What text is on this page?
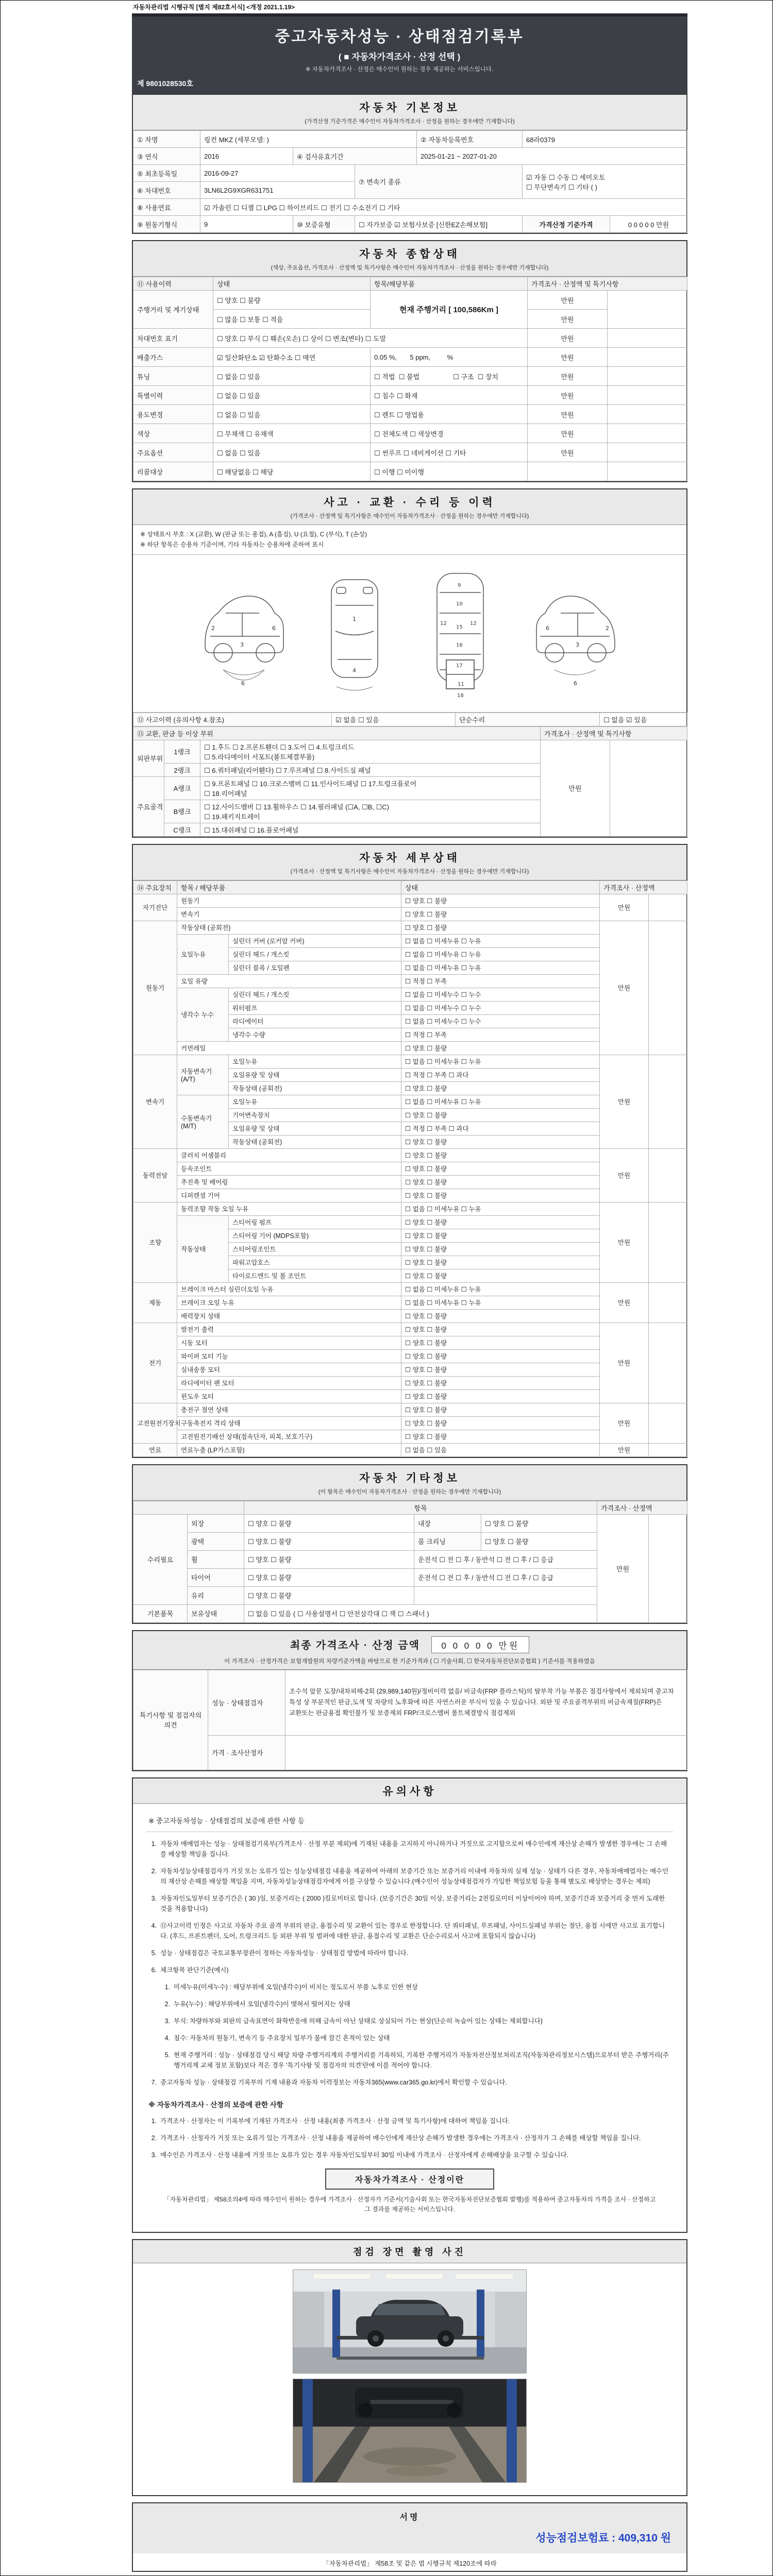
자동차관리법 시행규칙 [별지 제82호서식] <개정 2021.1.19>
중고자동차성능 · 상태점검기록부
( ■ 자동차가격조사 · 산정 선택 )
※ 자동차가격조사 · 산정은 매수인이 원하는 경우 제공하는 서비스입니다.
제 9801028530호
자동차 기본정보
(가격산정 기준가격은 매수인이 자동차가격조사 · 산정을 원하는 경우에만 기재합니다)
① 차명	링컨 MKZ (세부모델: )			② 자동차등록번호	68라0379	
③ 연식	2016	④ 검사유효기간		2025-01-21 ~ 2027-01-20		
⑤ 최초등록일	2016-09-27		⑦ 변속기 종류		☑ 자동 ☐ 수동 ☐ 세미오토
☐ 무단변속기 ☐ 기타 ( )	

⑥ 차대번호	3LN6L2G9XGR631751					
⑧ 사용연료	☑ 가솔린 ☐ 디젤 ☐ LPG ☐ 하이브리드 ☐ 전기 ☐ 수소전기 ☐ 기타					
⑨ 원동기형식	9	⑩ 보증유형	☐ 자가보증 ☑ 보험사보증 [신한EZ손해보험]		가격산정 기준가격	0 0 0 0 0 만원
자동차 종합상태
(색상, 주요옵션, 가격조사 · 산정액 및 특기사항은 매수인이 자동차가격조사 · 산정을 원하는 경우에만 기재합니다)
⑪ 사용이력	상태	항목/해당부품	가격조사 · 산정액 및 특기사항	
주행거리 및 계기상태	☐ 양호 ☐ 불량	현재 주행거리 [ 100,586Km ]	만원	
	☐ 많음 ☐ 보통 ☐ 적음		만원	
차대번호 표기	☐ 양호 ☐ 부식 ☐ 훼손(오손) ☐ 상이 ☐ 변조(변타) ☐ 도말		만원	
배출가스	☑ 일산화탄소 ☑ 탄화수소 ☐ 매연	0.05 %,       5 ppm,         %	만원	
튜닝	☐ 없음 ☐ 있음	☐ 적법  ☐ 불법                  ☐ 구조  ☐ 장치	만원	
특별이력	☐ 없음 ☐ 있음	☐ 침수 ☐ 화재	만원	
용도변경	☐ 없음 ☐ 있음	☐ 렌트 ☐ 영업용	만원	
색상	☐ 무채색 ☐ 유채색	☐ 전체도색 ☐ 색상변경	만원	
주요옵션	☐ 없음 ☐ 있음	☐ 썬루프 ☐ 네비게이션 ☐ 기타	만원	
리콜대상	☐ 해당없음 ☐ 해당	☐ 이행 ☐ 미이행		
사고 · 교환 · 수리 등 이력
(가격조사 · 산정액 및 특기사항은 매수인이 자동차가격조사 · 산정을 원하는 경우에만 기재합니다)
※ 상태표시 부호 : X (교환), W (판금 또는 용접), A (흠집), U (요철), C (부식), T (손상)
※ 하단 항목은 승용차 기준이며, 기타 자동차는 승용차에 준하여 표시
2
3
6
6
1
4
9
10
12	12
15
16
17
11
18
6
3
2
6
⑫ 사고이력 (유의사항 4.참조)	☑ 없음 ☐ 있음	단순수리	☐ 없음 ☑ 있음
⑬ 교환, 판금 등 이상 부위			가격조사 · 산정액 및 특기사항	
외판부위	1랭크	☐ 1.후드 ☐ 2.프론트휀더 ☐ 3.도어 ☐ 4.트렁크리드
☐ 5.라디에이터 서포트(볼트체결부품)	만원	
	2랭크	☐ 6.쿼터패널(리어휀다) ☐ 7.루프패널 ☐ 8.사이드실 패널		
주요골격	A랭크	☐ 9.프론트패널 ☐ 10.크로스멤버 ☐ 11.인사이드패널 ☐ 17.트렁크플로어
☐ 18.리어패널		

	B랭크	☐ 12.사이드멤버 ☐ 13.휠하우스 ☐ 14.필러패널 (☐A, ☐B, ☐C)
☐ 19.패키지트레이		

	C랭크	☐ 15.대쉬패널 ☐ 16.플로어패널		
자동차 세부상태
(가격조사 · 산정액 및 특기사항은 매수인이 자동차가격조사 · 산정을 원하는 경우에만 기재합니다)
⑭ 주요장치	항목 / 해당부품		상태	가격조사 · 산정액	
자기진단	원동기		☐ 양호 ☐ 불량	만원	
	변속기		☐ 양호 ☐ 불량		
원동기	작동상태 (공회전)		☐ 양호 ☐ 불량	만원	
	오일누유	실린더 커버 (로커암 커버)	☐ 없음 ☐ 미세누유 ☐ 누유		
		실린더 헤드 / 개스킷	☐ 없음 ☐ 미세누유 ☐ 누유		
		실린더 블록 / 오일팬	☐ 없음 ☐ 미세누유 ☐ 누유		
	오일 유량		☐ 적정 ☐ 부족		
	냉각수 누수	실린더 헤드 / 개스킷	☐ 없음 ☐ 미세누수 ☐ 누수		
		워터펌프	☐ 없음 ☐ 미세누수 ☐ 누수		
		라디에이터	☐ 없음 ☐ 미세누수 ☐ 누수		
		냉각수 수량	☐ 적정 ☐ 부족		
	커먼레일		☐ 양호 ☐ 불량		
변속기	자동변속기 (A/T)	오일누유	☐ 없음 ☐ 미세누유 ☐ 누유	만원	
		오일유량 및 상태	☐ 적정 ☐ 부족 ☐ 과다		
		작동상태 (공회전)	☐ 양호 ☐ 불량		
	수동변속기 (M/T)	오일누유	☐ 없음 ☐ 미세누유 ☐ 누유		
		기어변속장치	☐ 양호 ☐ 불량		
		오일유량 및 상태	☐ 적정 ☐ 부족 ☐ 과다		
		작동상태 (공회전)	☐ 양호 ☐ 불량		
동력전달	클러치 어셈블리		☐ 양호 ☐ 불량	만원	
	등속조인트		☐ 양호 ☐ 불량		
	추진축 및 베어링		☐ 양호 ☐ 불량		
	디퍼렌셜 기어		☐ 양호 ☐ 불량		
조향	동력조향 작동 오일 누유		☐ 없음 ☐ 미세누유 ☐ 누유	만원	
	작동상태	스티어링 펌프	☐ 양호 ☐ 불량		
		스티어링 기어 (MDPS포함)	☐ 양호 ☐ 불량		
		스티어링조인트	☐ 양호 ☐ 불량		
		파워고압호스	☐ 양호 ☐ 불량		
		타이로드엔드 및 볼 조인트	☐ 양호 ☐ 불량		
제동	브레이크 마스터 실린더오일 누유		☐ 없음 ☐ 미세누유 ☐ 누유	만원	
	브레이크 오일 누유		☐ 없음 ☐ 미세누유 ☐ 누유		
	배력장치 상태		☐ 양호 ☐ 불량		
전기	발전기 출력		☐ 양호 ☐ 불량	만원	
	시동 모터		☐ 양호 ☐ 불량		
	와이퍼 모터 기능		☐ 양호 ☐ 불량		
	실내송풍 모터		☐ 양호 ☐ 불량		
	라디에이터 팬 모터		☐ 양호 ☐ 불량		
	윈도우 모터		☐ 양호 ☐ 불량		
고전원전기장치	충전구 절연 상태		☐ 양호 ☐ 불량	만원	
	구동축전지 격리 상태		☐ 양호 ☐ 불량		
	고전원전기배선 상태(접속단자, 피복, 보호기구)		☐ 양호 ☐ 불량		
연료	연료누출 (LP가스포함)		☐ 없음 ☐ 있음	만원	
자동차 기타정보
(이 항목은 매수인이 자동차가격조사 · 산정을 원하는 경우에만 기재합니다)
		항목			가격조사 · 산정액	
수리필요	외장	☐ 양호 ☐ 불량	내장	☐ 양호 ☐ 불량	만원	
	광택	☐ 양호 ☐ 불량	룸 크리닝	☐ 양호 ☐ 불량		
	휠	☐ 양호 ☐ 불량	운전석 ☐ 전 ☐ 후 / 동반석 ☐ 전 ☐ 후 / ☐ 응급			
	타이어	☐ 양호 ☐ 불량	운전석 ☐ 전 ☐ 후 / 동반석 ☐ 전 ☐ 후 / ☐ 응급			
	유리	☐ 양호 ☐ 불량				
기본품목	보유상태	☐ 없음 ☐ 있음 ( ☐ 사용설명서 ☐ 안전삼각대 ☐ 잭 ☐ 스패너 )				
최종 가격조사 · 산정 금액 0 0 0 0 0 만원
이 가격조사 · 산정가격은 보험개발원의 차량기준가액을 바탕으로 한 기준가격과 ( ☐ 기술사회, ☐ 한국자동차진단보증협회 ) 기준서를 적용하였음
특기사항 및 점검자의 의견	성능 · 상태점검자	조수석 앞문 도장/내차피해-2회 (29,989,140원)/정비이력 없음/ 비금속(FRP 플라스틱)의 탈부착 가능 부품은 점검사항에서 제외되며 중고차 특성 상 부분적인 판금,도색 및 차량의 노후화에 따른 자연스러운 부식이 있을 수 있습니다. 외판 및 주요골격부위의 비금속재질(FRP)은 교환또는 판금용접 확인불가 및 보증제외 FRP/크로스멤버 볼트체결방식 점검제외
	가격 · 조사산정자	
유의사항
※ 중고자동차성능 · 상태점검의 보증에 관한 사항 등
1. 자동차 매매업자는 성능 · 상태점검기록부(가격조사 · 산정 부분 제외)에 기재된 내용을 고지하지 아니하거나 거짓으로 고지함으로써 매수인에게 재산상 손해가 발생한 경우에는 그 손해를 배상할 책임을 집니다.
2. 자동차성능상태점검자가 거짓 또는 오류가 있는 성능상태점검 내용을 제공하여 아래의 보증기간 또는 보증거리 이내에 자동차의 실제 성능 · 상태가 다른 경우, 자동차매매업자는 매수인의 재산상 손해를 배상할 책임을 지며, 자동차성능상태점검자에게 이를 구상할 수 있습니다.(매수인이 성능상태점검자가 가입한 책임보험 등을 통해 별도로 배상받는 경우는 제외)
3. 자동차인도일부터 보증기간은 ( 30 )일, 보증거리는 ( 2000 )킬로미터로 합니다. (보증기간은 30일 이상, 보증거리는 2천킬로미터 이상이어야 하며, 보증기간과 보증거리 중 먼저 도래한 것을 적용합니다)
4. ⑫사고이력 인정은 사고로 자동차 주요 골격 부위의 판금, 용접수리 및 교환이 있는 경우로 한정합니다. 단 쿼터패널, 루프패널, 사이드실패널 부위는 절단, 용접 시에만 사고로 표기합니다. (후드, 프론트펜더, 도어, 트렁크리드 등 외판 부위 및 범퍼에 대한 판금, 용접수리 및 교환은 단순수리로서 사고에 포함되지 않습니다)
5. 성능 · 상태점검은 국토교통부장관이 정하는 자동차성능 · 상태점검 방법에 따라야 합니다.
6. 체크항목 판단기준(예시)
1. 미세누유(미세누수) : 해당부위에 오일(냉각수)이 비치는 정도로서 부품 노후로 인한 현상
2. 누유(누수) : 해당부위에서 오일(냉각수)이 맺혀서 떨어지는 상태
3. 부식: 차량하부와 외판의 금속표면이 화학반응에 의해 금속이 아닌 상태로 상실되어 가는 현상(단순히 녹슬어 있는 상태는 제외합니다)
4. 침수: 자동차의 원동기, 변속기 등 주요장치 일부가 물에 잠긴 흔적이 있는 상태
5. 현재 주행거리 : 성능 · 상태점검 당시 해당 차량 주행거리계의 주행거리를 기록하되, 기록한 주행거리가 자동차전산정보처리조직(자동차관리정보시스템)으로부터 받은 주행거리(주행거리계 교체 정보 포함)보다 적은 경우 '특기사항 및 점검자의 의견'란에 이를 적어야 합니다.
7. 중고자동차 성능 · 상태점검 기록부의 기재 내용과 자동차 이력정보는 자동차365(www.car365.go.kr)에서 확인할 수 있습니다.
※ 자동차가격조사 · 산정의 보증에 관한 사항
1. 가격조사 · 산정자는 이 기록부에 기재된 가격조사 · 산정 내용(최종 가격조사 · 산정 금액 및 특기사항)에 대하여 책임을 집니다.
2. 가격조사 · 산정자가 거짓 또는 오류가 있는 가격조사 · 산정 내용을 제공하여 매수인에게 재산상 손해가 발생한 경우에는 가격조사 · 산정자가 그 손해를 배상할 책임을 집니다.
3. 매수인은 가격조사 · 산정 내용에 거짓 또는 오류가 있는 경우 자동차인도일부터 30일 이내에 가격조사 · 산정자에게 손해배상을 요구할 수 있습니다.
자동차가격조사 · 산정이란
「자동차관리법」 제58조의4에 따라 매수인이 원하는 경우에 가격조사 · 산정자가 기준서(기술사회 또는 한국자동차진단보증협회 발행)를 적용하여 중고자동차의 가격을 조사 · 산정하고 그 결과를 제공하는 서비스입니다.
점검 장면 촬영 사진
서명
성능점검보험료 : 409,310 원
「자동차관리법」 제58조 및 같은 법 시행규칙 제120조에 따라
